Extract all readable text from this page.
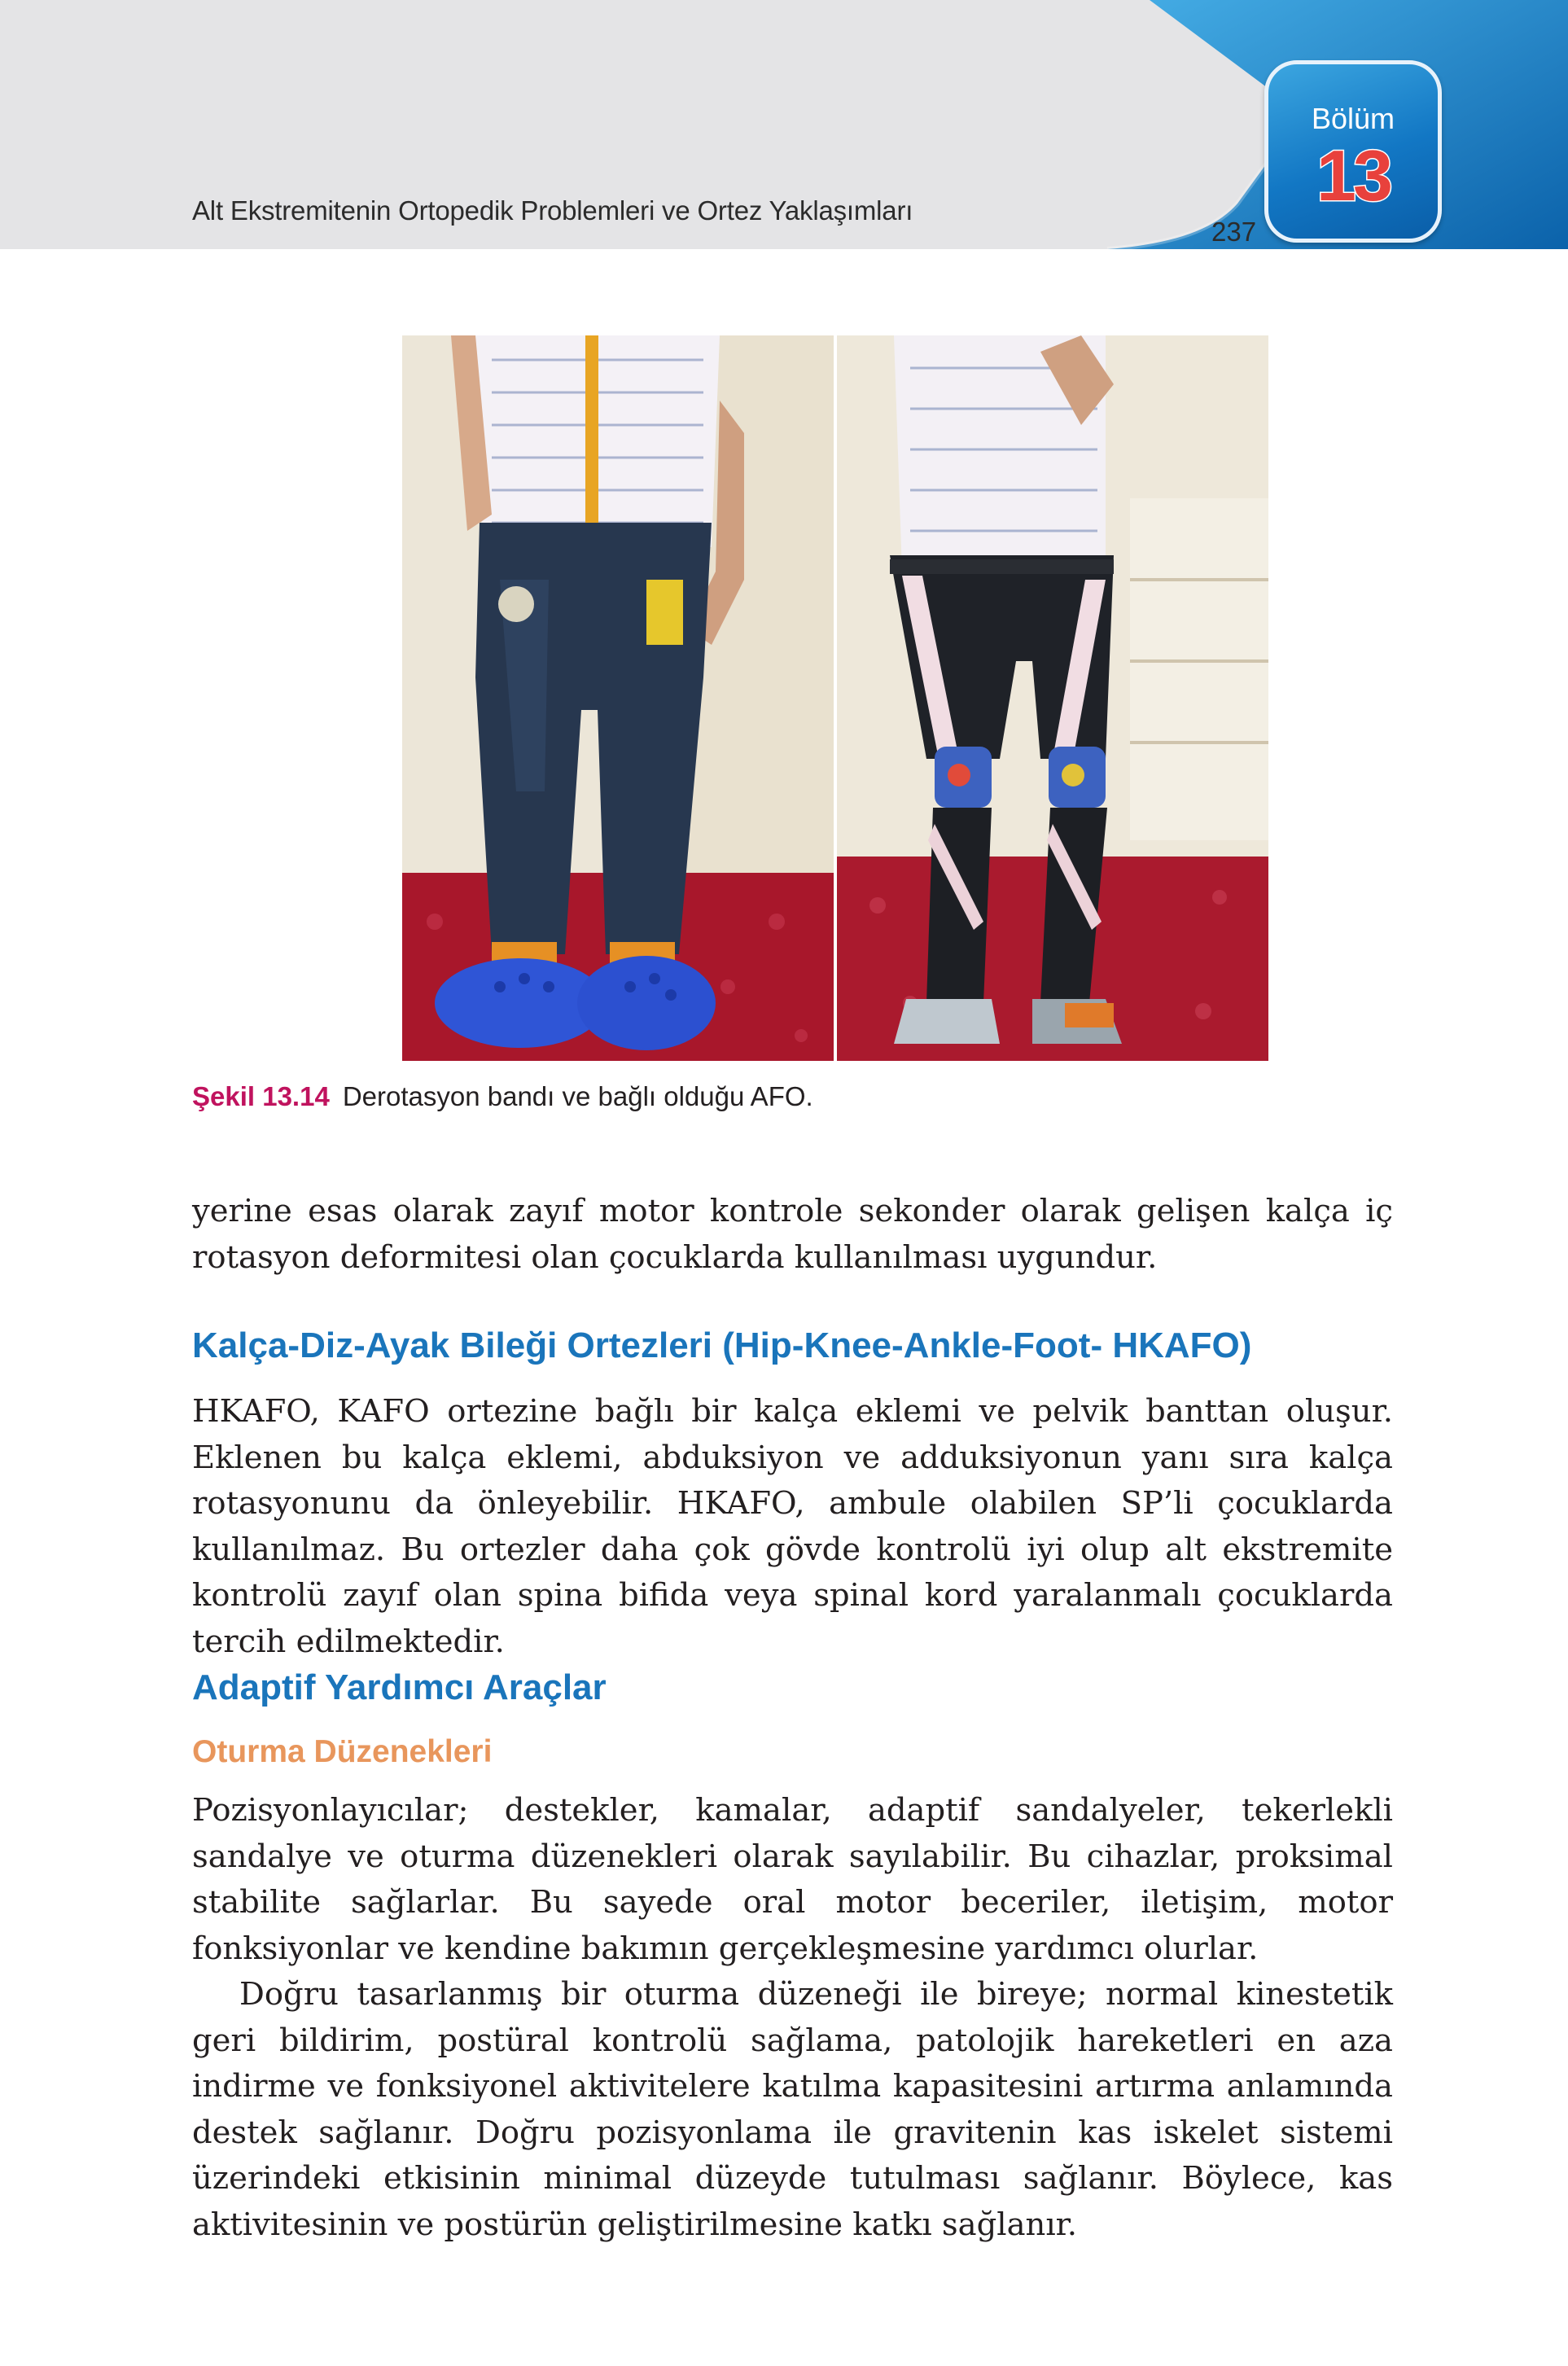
Alt Ekstremitenin Ortopedik Problemleri ve Ortez Yaklaşımları
237
Bölüm
13
Şekil 13.14 Derotasyon bandı ve bağlı olduğu AFO.
yerine esas olarak zayıf motor kontrole sekonder olarak gelişen kalça iç rotasyon deformitesi olan çocuklarda kullanılması uygundur.
Kalça-Diz-Ayak Bileği Ortezleri (Hip-Knee-Ankle-Foot- HKAFO)
HKAFO, KAFO ortezine bağlı bir kalça eklemi ve pelvik banttan oluşur. Eklenen bu kalça eklemi, abduksiyon ve adduksiyonun yanı sıra kalça rotasyonunu da önleyebilir. HKAFO, ambule olabilen SP’li çocuklarda kullanılmaz. Bu ortezler daha çok gövde kontrolü iyi olup alt ekstremite kontrolü zayıf olan spina bifida veya spinal kord yaralanmalı çocuklarda tercih edilmektedir.
Adaptif Yardımcı Araçlar
Oturma Düzenekleri
Pozisyonlayıcılar; destekler, kamalar, adaptif sandalyeler, tekerlekli sandalye ve oturma düzenekleri olarak sayılabilir. Bu cihazlar, proksimal stabilite sağlarlar. Bu sayede oral motor beceriler, iletişim, motor fonksiyonlar ve kendine bakımın gerçekleşmesine yardımcı olurlar.
Doğru tasarlanmış bir oturma düzeneği ile bireye; normal kinestetik geri bildirim, postüral kontrolü sağlama, patolojik hareketleri en aza indirme ve fonksiyonel aktivitelere katılma kapasitesini artırma anlamında destek sağlanır. Doğru pozisyonlama ile gravitenin kas iskelet sistemi üzerindeki etkisinin minimal düzeyde tutulması sağlanır. Böylece, kas aktivitesinin ve postürün geliştirilmesine katkı sağlanır.
